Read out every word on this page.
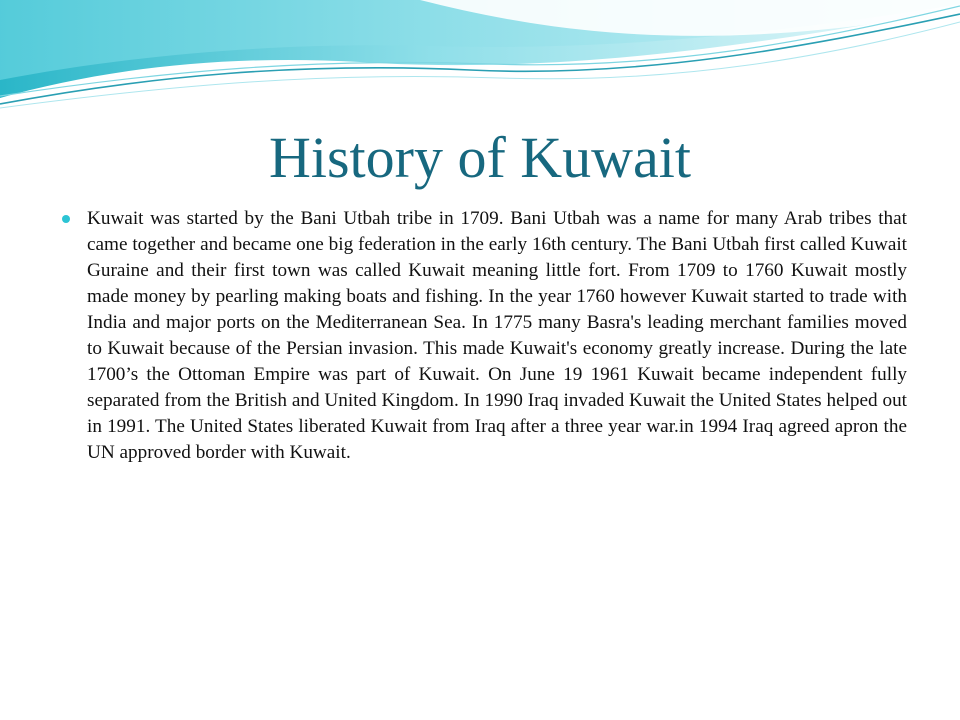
History of Kuwait

Kuwait was started by the Bani Utbah tribe in 1709. Bani Utbah was a name for many Arab tribes that came together and became one big federation in the early 16th century. The Bani Utbah first called Kuwait Guraine and their first town was called Kuwait meaning little fort. From 1709 to 1760 Kuwait mostly made money by pearling making boats and fishing. In the year 1760 however Kuwait started to trade with India and major ports on the Mediterranean Sea. In 1775 many Basra's leading merchant families moved to Kuwait because of the Persian invasion. This made Kuwait's economy greatly increase. During the late 1700’s the Ottoman Empire was part of Kuwait. On June 19 1961 Kuwait became independent fully separated from the British and United Kingdom. In 1990 Iraq invaded Kuwait the United States helped out in 1991. The United States liberated Kuwait from Iraq after a three year war.in 1994 Iraq agreed apron the UN approved border with Kuwait.
